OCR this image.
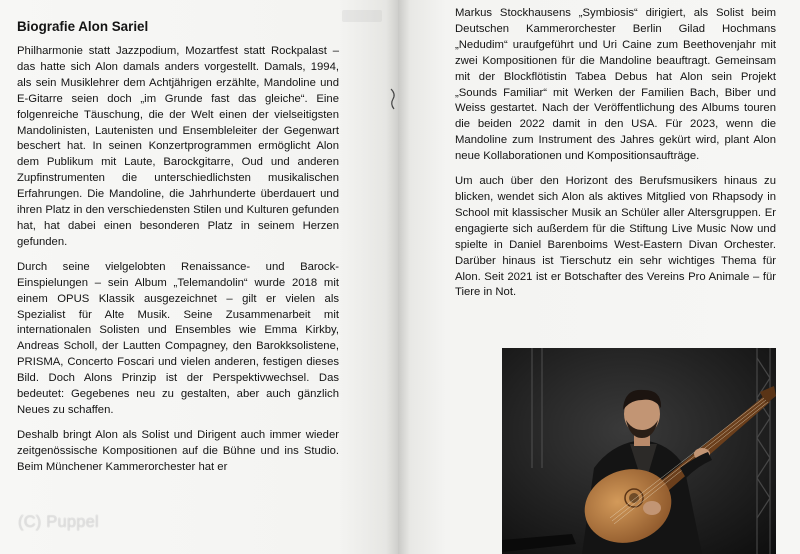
Biografie Alon Sariel

Philharmonie statt Jazzpodium, Mozartfest statt Rockpalast – das hatte sich Alon damals anders vorgestellt. Damals, 1994, als sein Musiklehrer dem Achtjährigen erzählte, Mandoline und E-Gitarre seien doch „im Grunde fast das gleiche“. Eine folgenreiche Täuschung, die der Welt einen der vielseitigsten Mandolinisten, Lautenisten und Ensembleleiter der Gegenwart beschert hat. In seinen Konzertprogrammen ermöglicht Alon dem Publikum mit Laute, Barockgitarre, Oud und anderen Zupfinstrumenten die unterschiedlichsten musikalischen Erfahrungen. Die Mandoline, die Jahrhunderte überdauert und ihren Platz in den verschiedensten Stilen und Kulturen gefunden hat, hat dabei einen besonderen Platz in seinem Herzen gefunden.

Durch seine vielgelobten Renaissance- und Barock-Einspielungen – sein Album „Telemandolin“ wurde 2018 mit einem OPUS Klassik ausgezeichnet – gilt er vielen als Spezialist für Alte Musik. Seine Zusammenarbeit mit internationalen Solisten und Ensembles wie Emma Kirkby, Andreas Scholl, der Lautten Compagney, den Barokksolistene, PRISMA, Concerto Foscari und vielen anderen, festigen dieses Bild. Doch Alons Prinzip ist der Perspektivwechsel. Das bedeutet: Gegebenes neu zu gestalten, aber auch gänzlich Neues zu schaffen.

Deshalb bringt Alon als Solist und Dirigent auch immer wieder zeitgenössische Kompositionen auf die Bühne und ins Studio. Beim Münchener Kammerorchester hat er

(C) Puppel

Markus Stockhausens „Symbiosis“ dirigiert, als Solist beim Deutschen Kammerorchester Berlin Gilad Hochmans „Nedudim“ uraufgeführt und Uri Caine zum Beethovenjahr mit zwei Kompositionen für die Mandoline beauftragt. Gemeinsam mit der Blockflötistin Tabea Debus hat Alon sein Projekt „Sounds Familiar“ mit Werken der Familien Bach, Biber und Weiss gestartet. Nach der Veröffentlichung des Albums touren die beiden 2022 damit in den USA. Für 2023, wenn die Mandoline zum Instrument des Jahres gekürt wird, plant Alon neue Kollaborationen und Kompositionsaufträge.

Um auch über den Horizont des Berufsmusikers hinaus zu blicken, wendet sich Alon als aktives Mitglied von Rhapsody in School mit klassischer Musik an Schüler aller Altersgruppen. Er engagierte sich außerdem für die Stiftung Live Music Now und spielte in Daniel Barenboims West-Eastern Divan Orchester. Darüber hinaus ist Tierschutz ein sehr wichtiges Thema für Alon. Seit 2021 ist er Botschafter des Vereins Pro Animale – für Tiere in Not.
